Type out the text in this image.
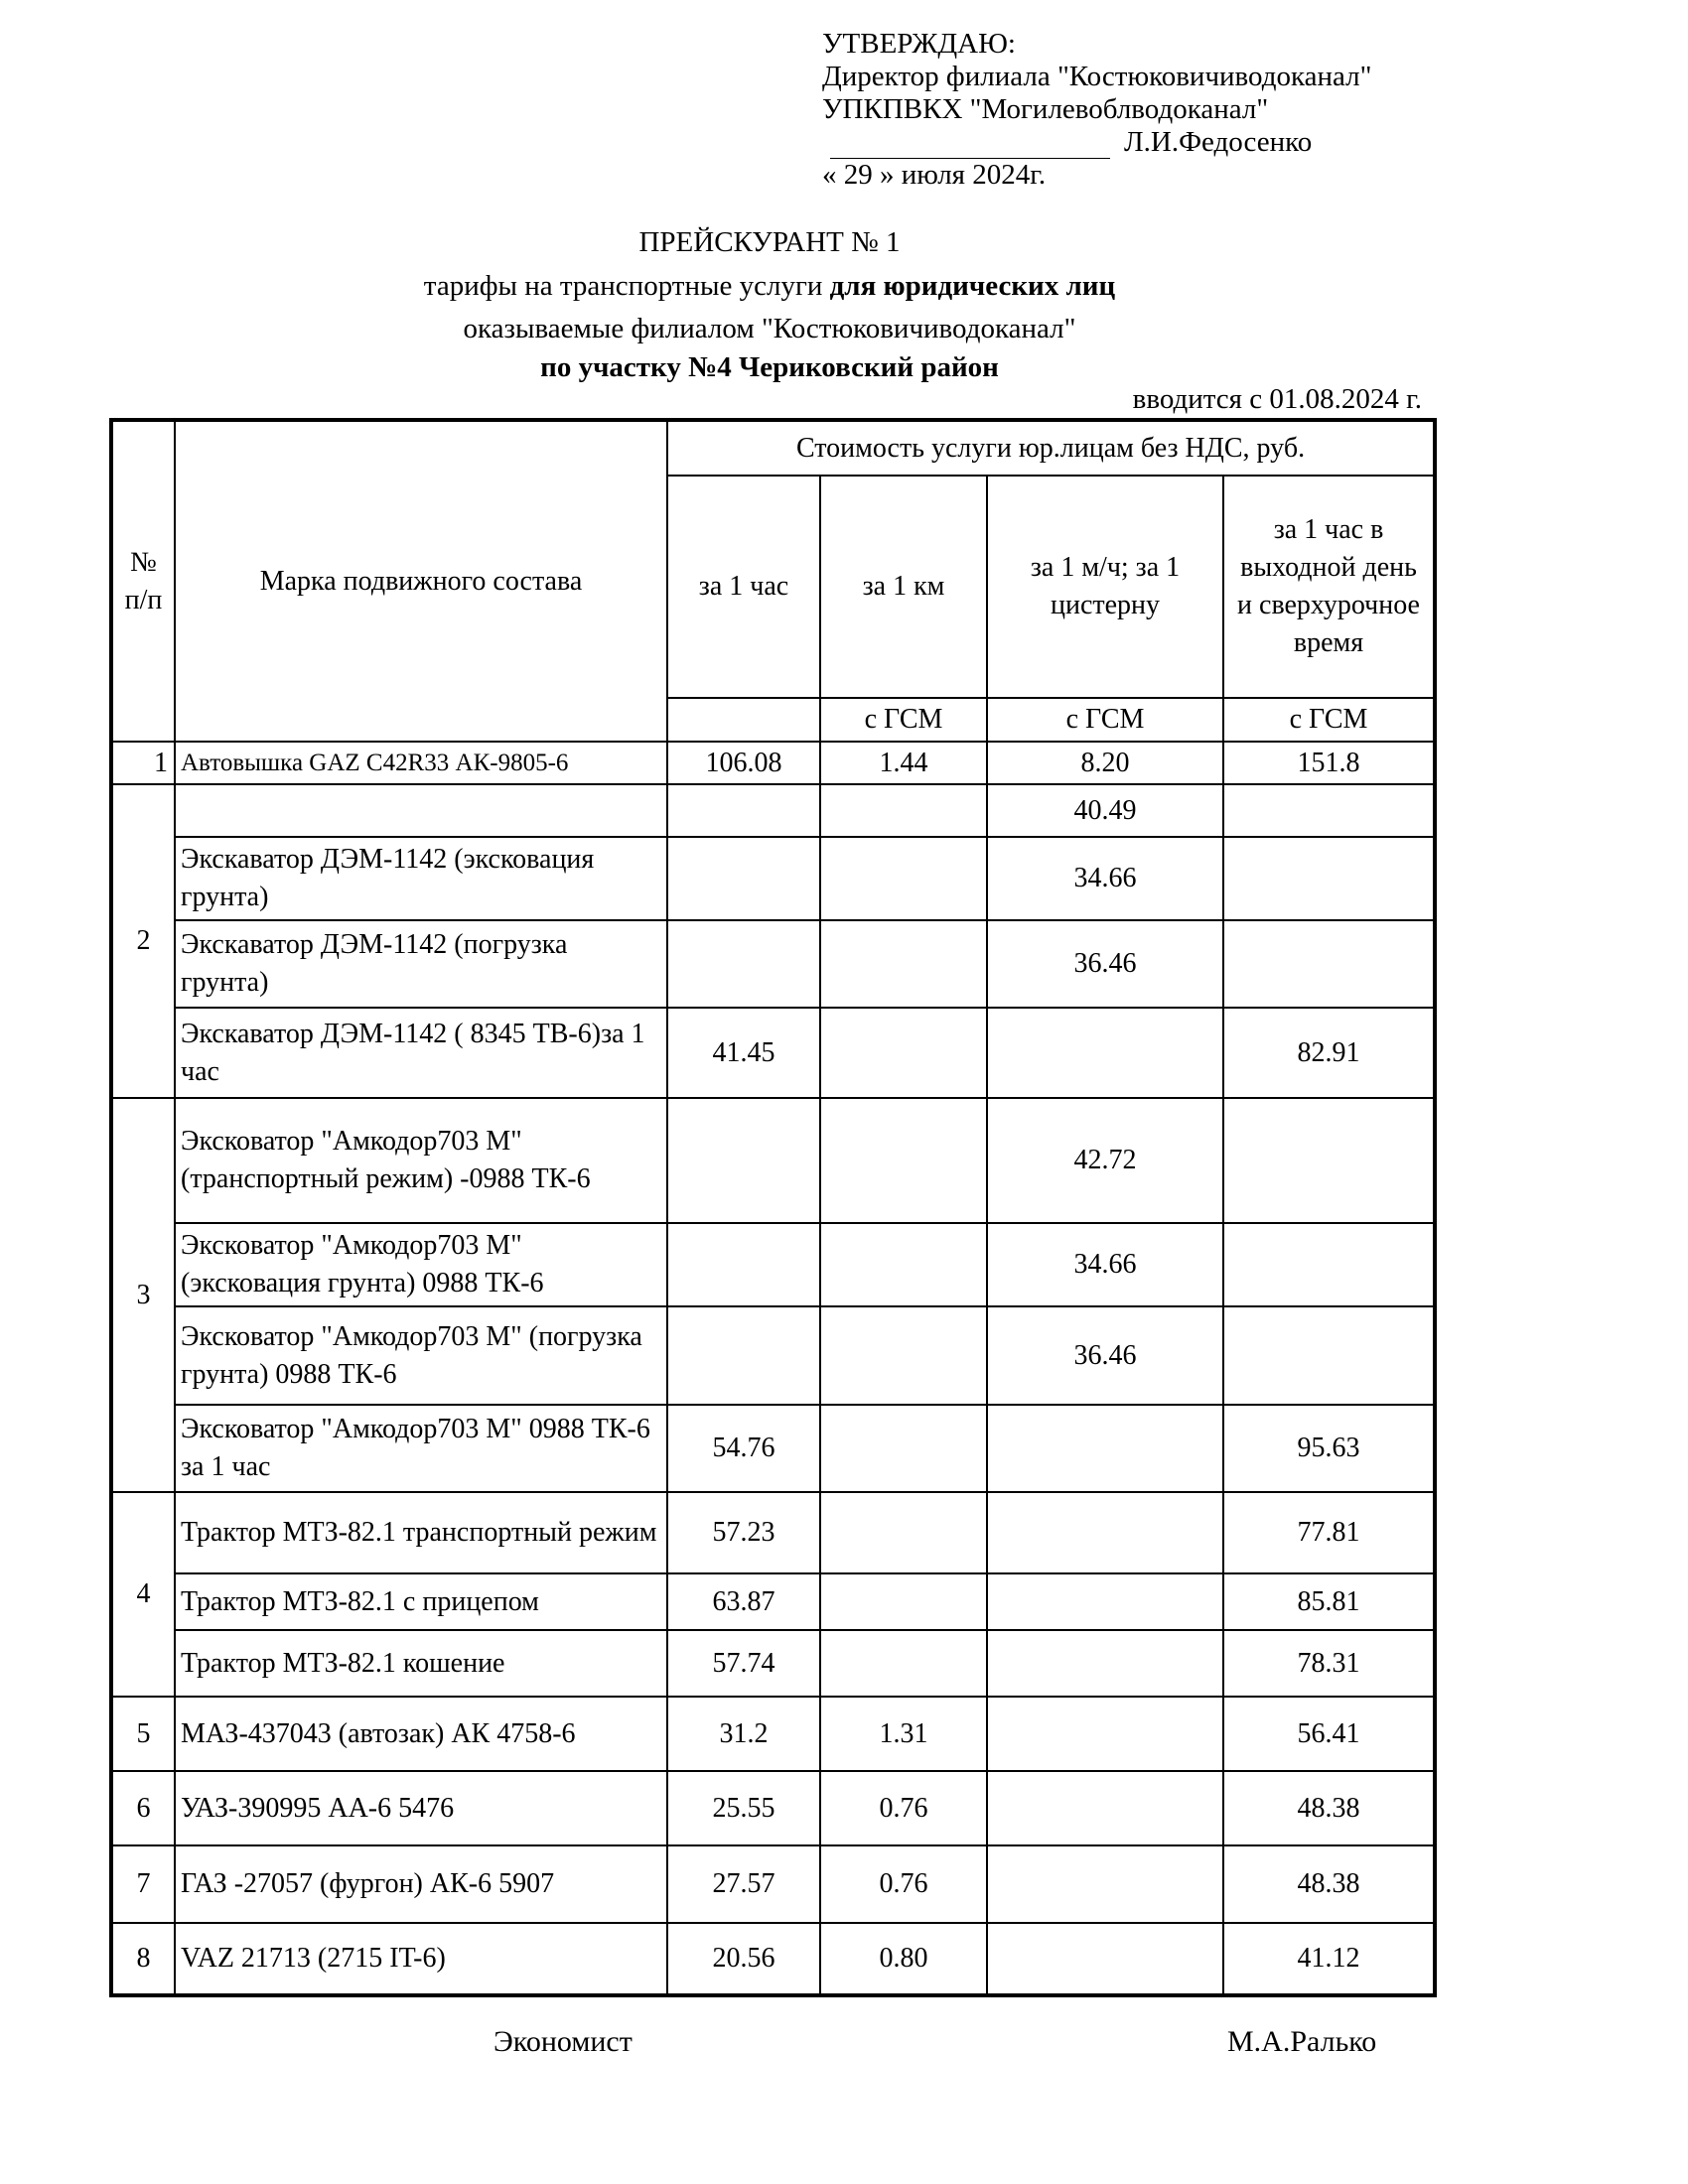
УТВЕРЖДАЮ:
Директор филиала "Костюковичиводоканал"
УПКПВКХ "Могилевоблводоканал"
Л.И.Федосенко
« 29 » июля 2024г.
ПРЕЙСКУРАНТ № 1
тарифы на транспортные услуги для юридических лиц
оказываемые филиалом "Костюковичиводоканал"
по участку №4 Чериковский район
вводится с 01.08.2024 г.
№ п/п	Марка подвижного состава	Стоимость услуги юр.лицам без НДС, руб.			
		за 1 час	за 1 км	за 1 м/ч; за 1 цистерну	за 1 час в выходной день и сверхурочное время
			с ГСМ	с ГСМ	с ГСМ
1	Автовышка GAZ C42R33 АК-9805-6	106.08	1.44	8.20	151.8
2				40.49	
	Экскаватор ДЭМ-1142 (эксковация грунта)			34.66	
	Экскаватор ДЭМ-1142 (погрузка грунта)			36.46	
	Экскаватор ДЭМ-1142 ( 8345 ТВ-6)за 1 час	41.45			82.91
3	Эксковатор "Амкодор703 М" (транспортный режим) -0988 ТК-6			42.72	
	Эксковатор "Амкодор703 М" (эксковация грунта) 0988 ТК-6			34.66	
	Эксковатор "Амкодор703 М" (погрузка грунта) 0988 ТК-6			36.46	
	Эксковатор "Амкодор703 М" 0988 ТК-6 за 1 час	54.76			95.63
4	Трактор МТЗ-82.1 транспортный режим	57.23			77.81
	Трактор МТЗ-82.1 с прицепом	63.87			85.81
	Трактор МТЗ-82.1 кошение	57.74			78.31
5	МАЗ-437043 (автозак) АК 4758-6	31.2	1.31		56.41
6	УАЗ-390995 АА-6 5476	25.55	0.76		48.38
7	ГАЗ -27057 (фургон) АК-6 5907	27.57	0.76		48.38
8	VAZ 21713 (2715 IT-6)	20.56	0.80		41.12
Экономист	М.А.Ралько
